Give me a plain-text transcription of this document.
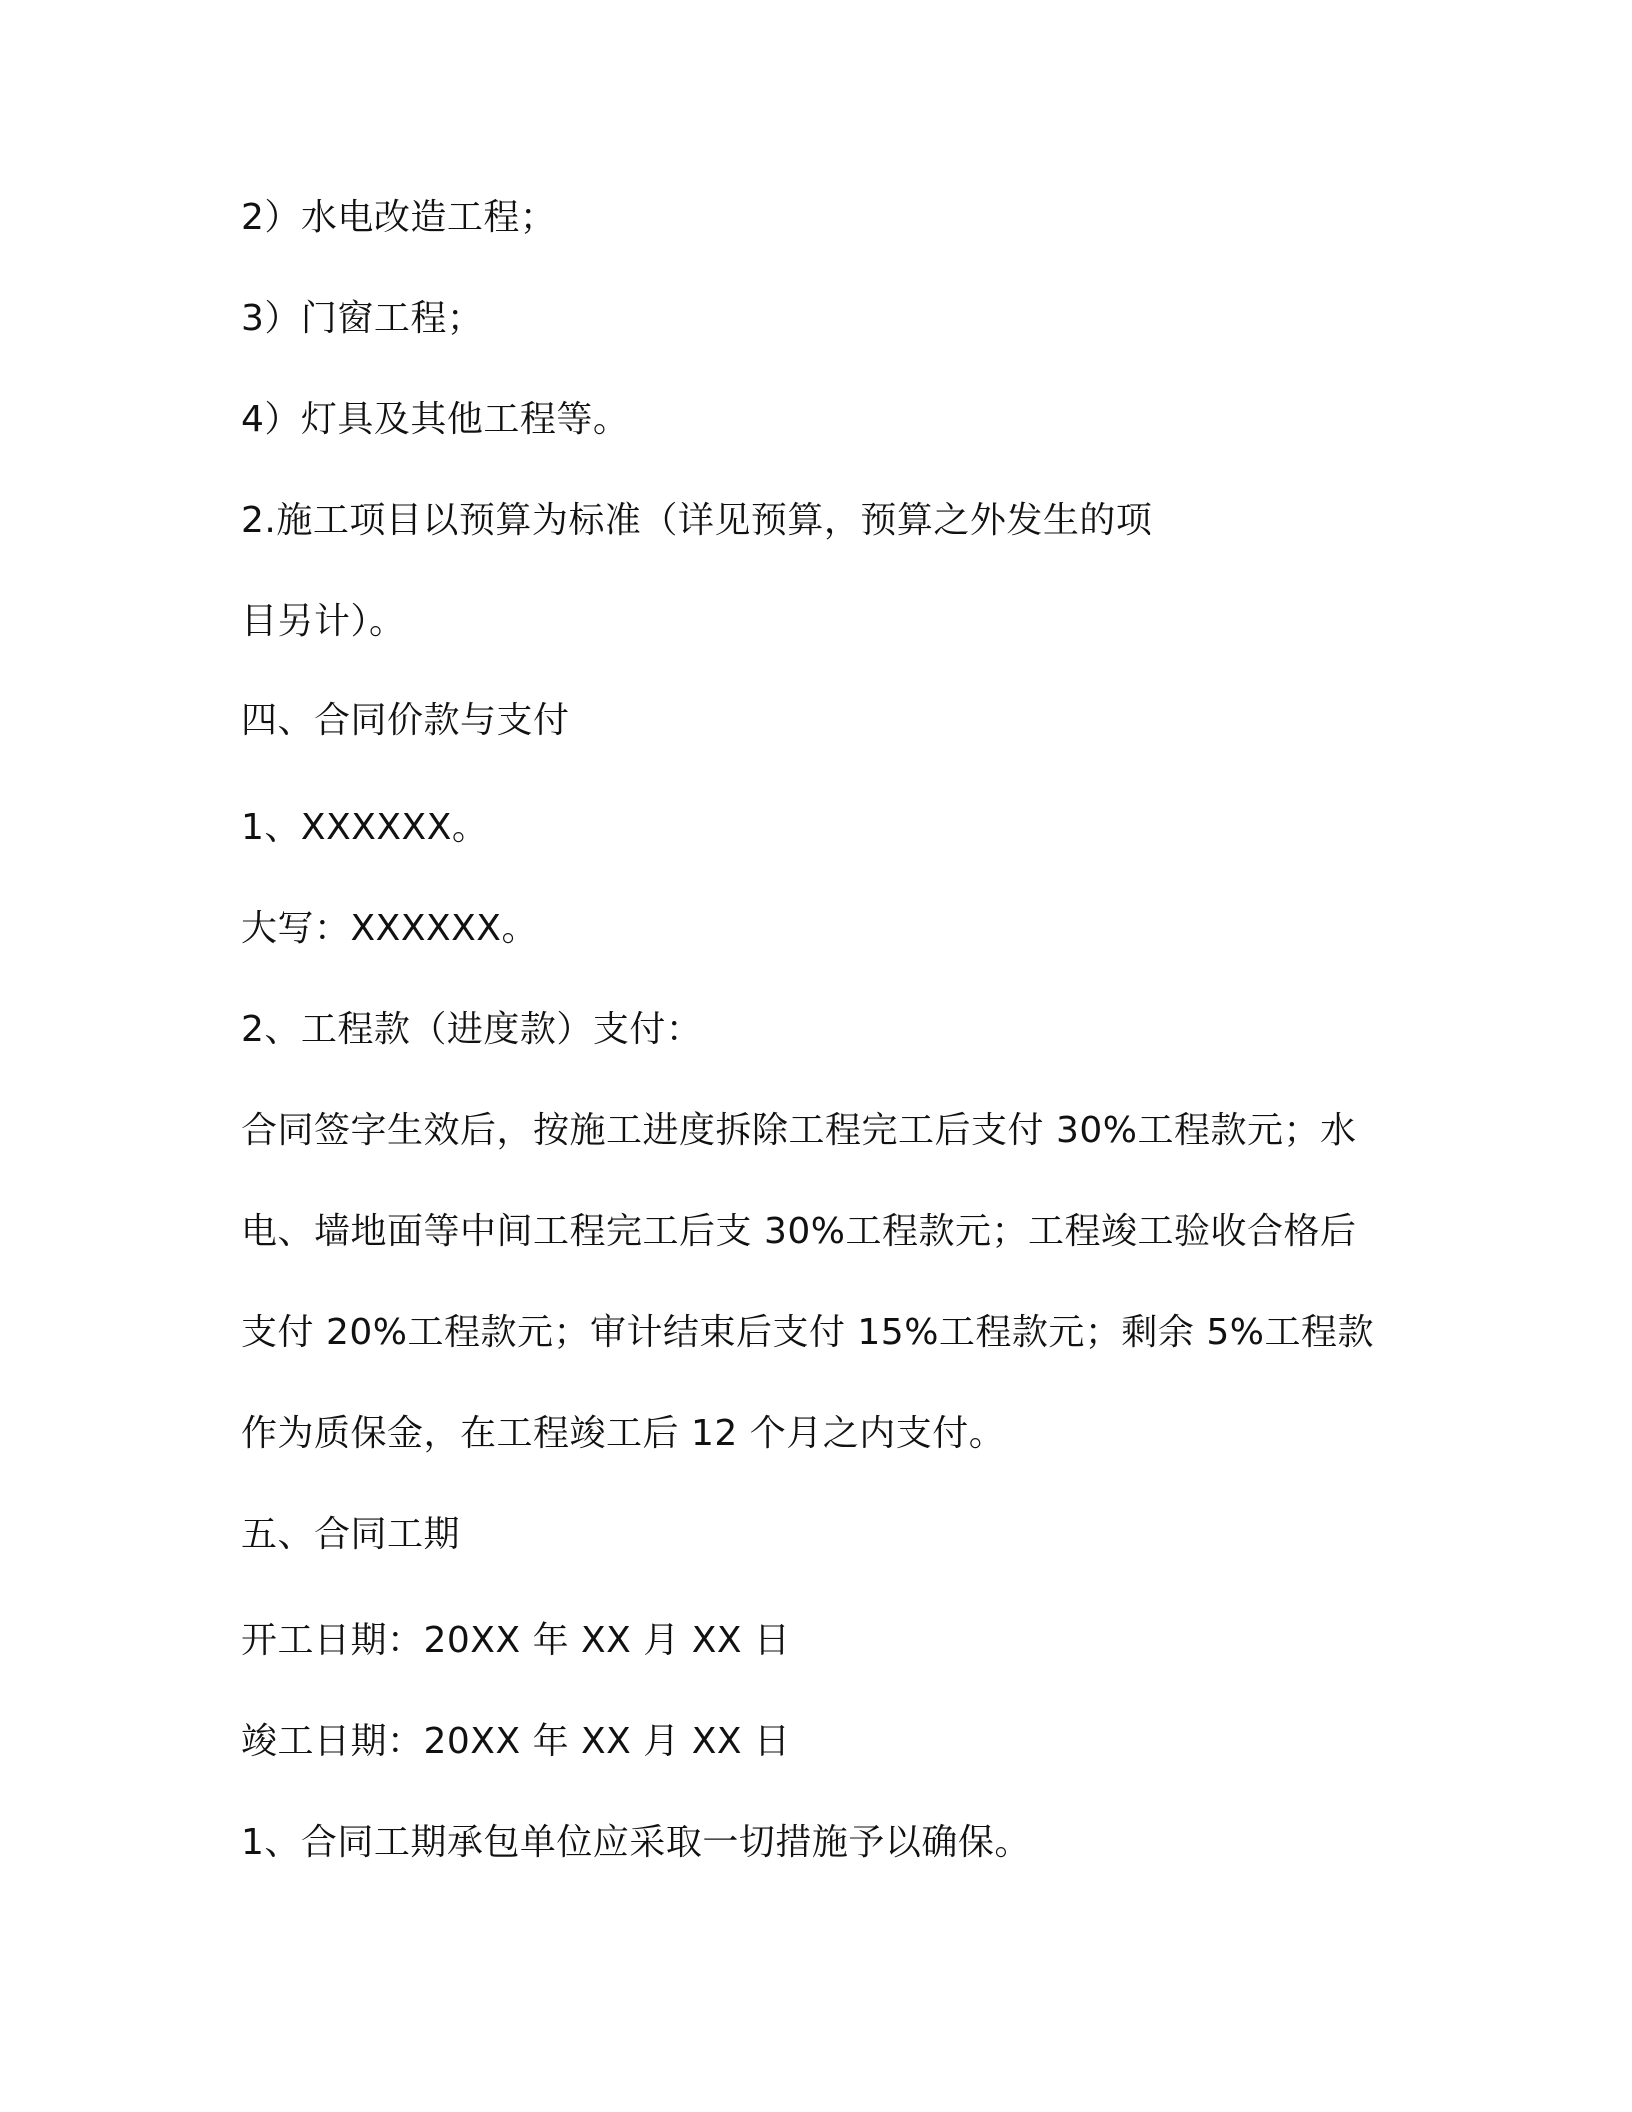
2）水电改造工程；

3）门窗工程；

4）灯具及其他工程等。

2.施工项目以预算为标准（详见预算，预算之外发生的项

目另计）。

四、合同价款与支付

1、XXXXXX。

大写：XXXXXX。

2、工程款（进度款）支付：

合同签字生效后，按施工进度拆除工程完工后支付 30%工程款元；水

电、墙地面等中间工程完工后支 30%工程款元；工程竣工验收合格后

支付 20%工程款元；审计结束后支付 15%工程款元；剩余 5%工程款

作为质保金，在工程竣工后 12 个月之内支付。

五、合同工期

开工日期：20XX 年 XX 月 XX 日

竣工日期：20XX 年 XX 月 XX 日

1、合同工期承包单位应采取一切措施予以确保。
